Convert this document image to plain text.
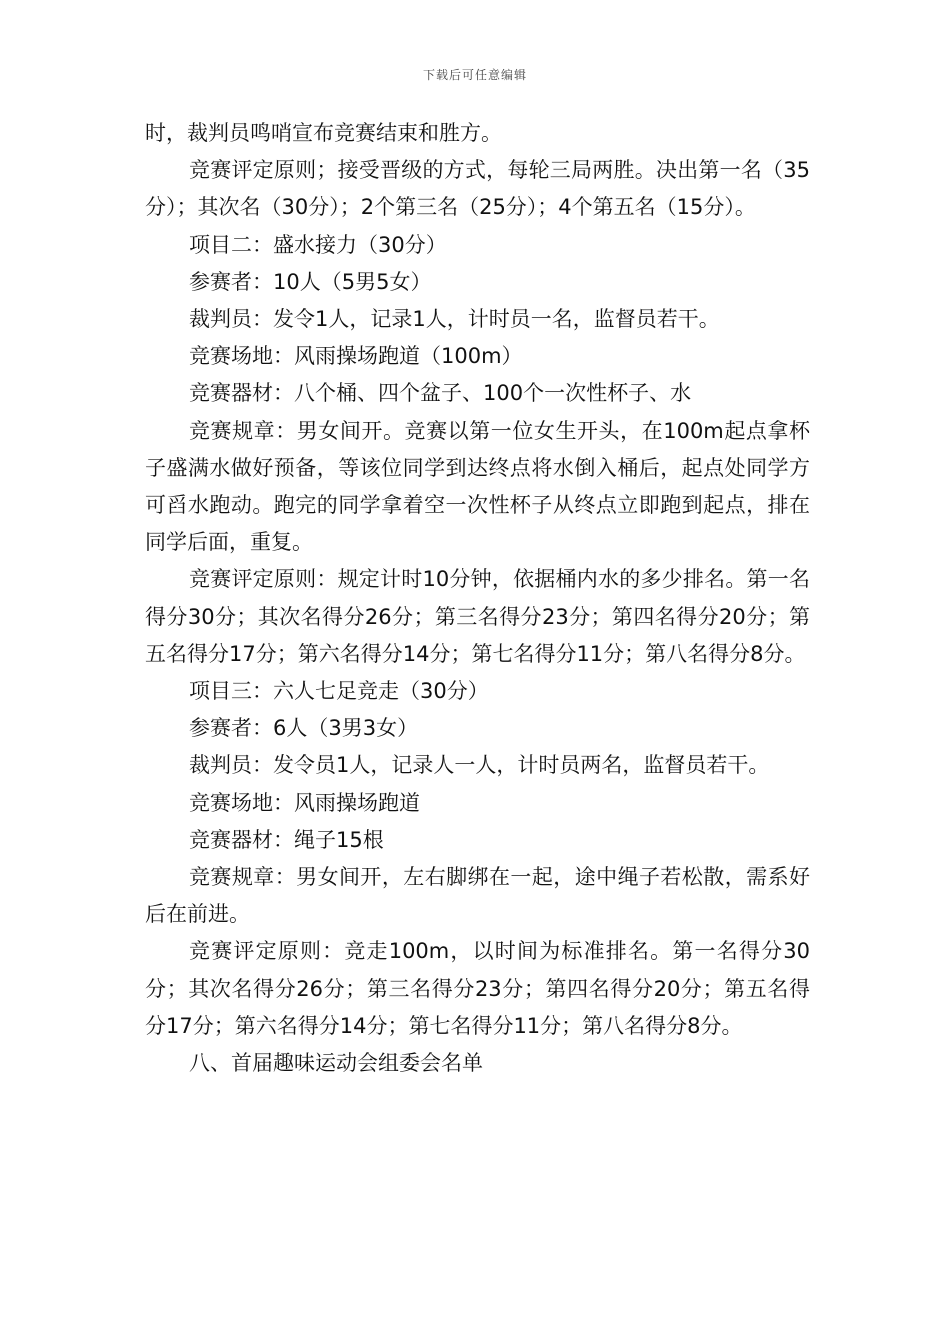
下载后可任意编辑

时，裁判员鸣哨宣布竞赛结束和胜方。

竞赛评定原则；接受晋级的方式，每轮三局两胜。决出第一名（35分）；其次名（30分）；2个第三名（25分）；4个第五名（15分）。

项目二：盛水接力（30分）

参赛者：10人（5男5女）

裁判员：发令1人，记录1人，计时员一名，监督员若干。

竞赛场地：风雨操场跑道（100m）

竞赛器材：八个桶、四个盆子、100个一次性杯子、水

竞赛规章：男女间开。竞赛以第一位女生开头，在100m起点拿杯子盛满水做好预备，等该位同学到达终点将水倒入桶后，起点处同学方可舀水跑动。跑完的同学拿着空一次性杯子从终点立即跑到起点，排在同学后面，重复。

竞赛评定原则：规定计时10分钟，依据桶内水的多少排名。第一名得分30分；其次名得分26分；第三名得分23分；第四名得分20分；第五名得分17分；第六名得分14分；第七名得分11分；第八名得分8分。

项目三：六人七足竞走（30分）

参赛者：6人（3男3女）

裁判员：发令员1人，记录人一人，计时员两名，监督员若干。

竞赛场地：风雨操场跑道

竞赛器材：绳子15根

竞赛规章：男女间开，左右脚绑在一起，途中绳子若松散，需系好后在前进。

竞赛评定原则：竞走100m，以时间为标准排名。第一名得分30分；其次名得分26分；第三名得分23分；第四名得分20分；第五名得分17分；第六名得分14分；第七名得分11分；第八名得分8分。

八、首届趣味运动会组委会名单
